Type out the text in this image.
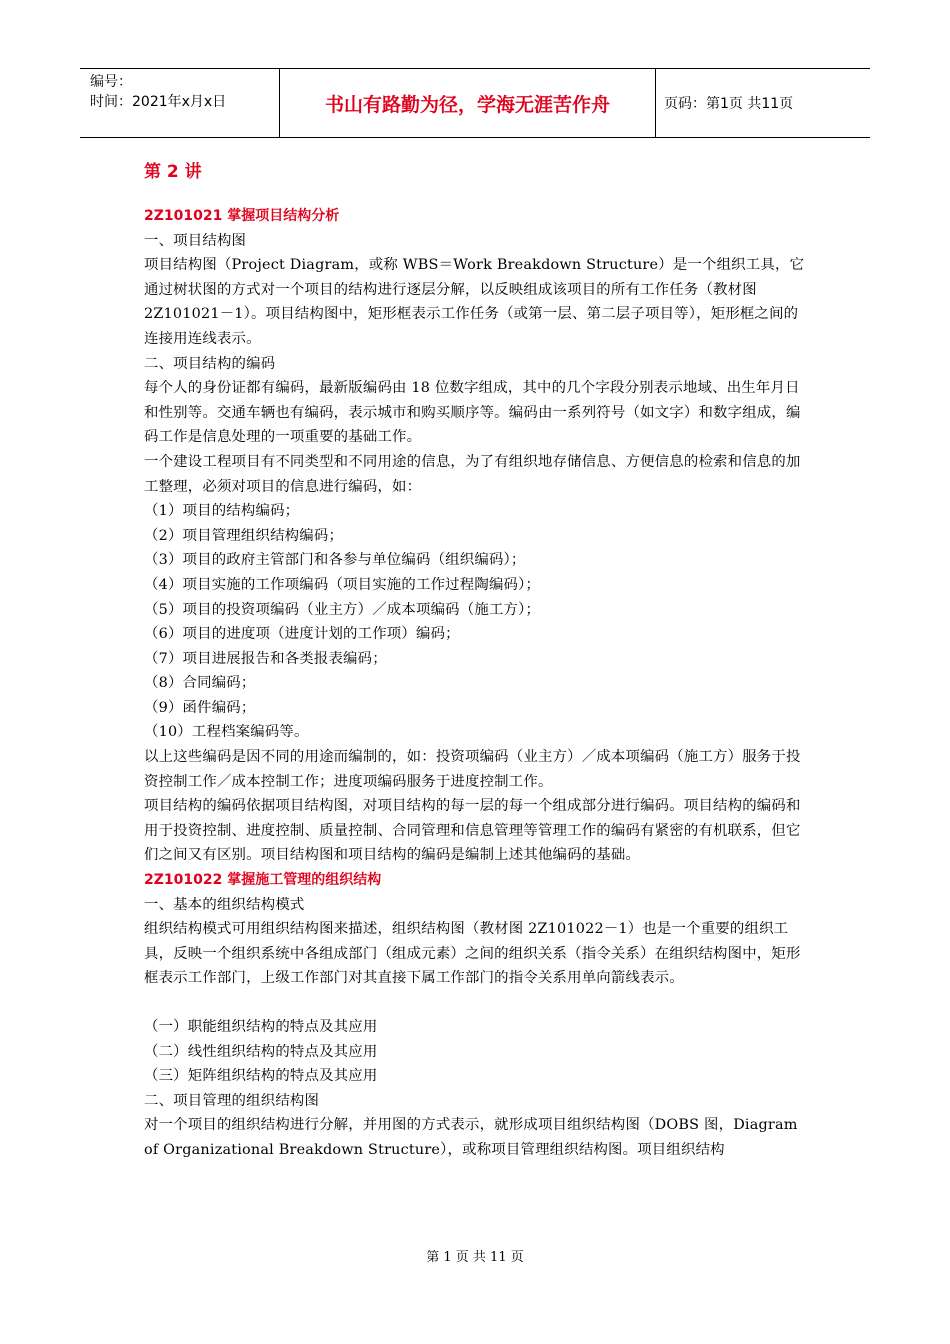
编号：
时间：2021年x月x日	书山有路勤为径，学海无涯苦作舟	页码：第1页 共11页
第 2 讲
2Z101021 掌握项目结构分析

一、项目结构图

项目结构图（Project Diagram，或称 WBS＝Work Breakdown Structure）是一个组织工具，它通过树状图的方式对一个项目的结构进行逐层分解，以反映组成该项目的所有工作任务（教材图 2Z101021－1）。项目结构图中，矩形框表示工作任务（或第一层、第二层子项目等），矩形框之间的连接用连线表示。

二、项目结构的编码

每个人的身份证都有编码，最新版编码由 18 位数字组成，其中的几个字段分别表示地域、出生年月日和性别等。交通车辆也有编码，表示城市和购买顺序等。编码由一系列符号（如文字）和数字组成，编码工作是信息处理的一项重要的基础工作。

一个建设工程项目有不同类型和不同用途的信息，为了有组织地存储信息、方便信息的检索和信息的加工整理，必须对项目的信息进行编码，如：

（1）项目的结构编码；

（2）项目管理组织结构编码；

（3）项目的政府主管部门和各参与单位编码（组织编码）；

（4）项目实施的工作项编码（项目实施的工作过程陶编码）；

（5）项目的投资项编码（业主方）／成本项编码（施工方）；

（6）项目的进度项（进度计划的工作项）编码；

（7）项目进展报告和各类报表编码；

（8）合同编码；

（9）函件编码；

（10）工程档案编码等。

以上这些编码是因不同的用途而编制的，如：投资项编码（业主方）／成本项编码（施工方）服务于投资控制工作／成本控制工作；进度项编码服务于进度控制工作。

项目结构的编码依据项目结构图，对项目结构的每一层的每一个组成部分进行编码。项目结构的编码和用于投资控制、进度控制、质量控制、合同管理和信息管理等管理工作的编码有紧密的有机联系，但它们之间又有区别。项目结构图和项目结构的编码是编制上述其他编码的基础。

2Z101022 掌握施工管理的组织结构

一、基本的组织结构模式

组织结构模式可用组织结构图来描述，组织结构图（教材图 2Z101022－1）也是一个重要的组织工具，反映一个组织系统中各组成部门（组成元素）之间的组织关系（指令关系）在组织结构图中，矩形框表示工作部门，上级工作部门对其直接下属工作部门的指令关系用单向箭线表示。

（一）职能组织结构的特点及其应用

（二）线性组织结构的特点及其应用

（三）矩阵组织结构的特点及其应用

二、项目管理的组织结构图

对一个项目的组织结构进行分解，并用图的方式表示，就形成项目组织结构图（DOBS 图，Diagram of Organizational Breakdown Structure），或称项目管理组织结构图。项目组织结构

第 1 页 共 11 页
